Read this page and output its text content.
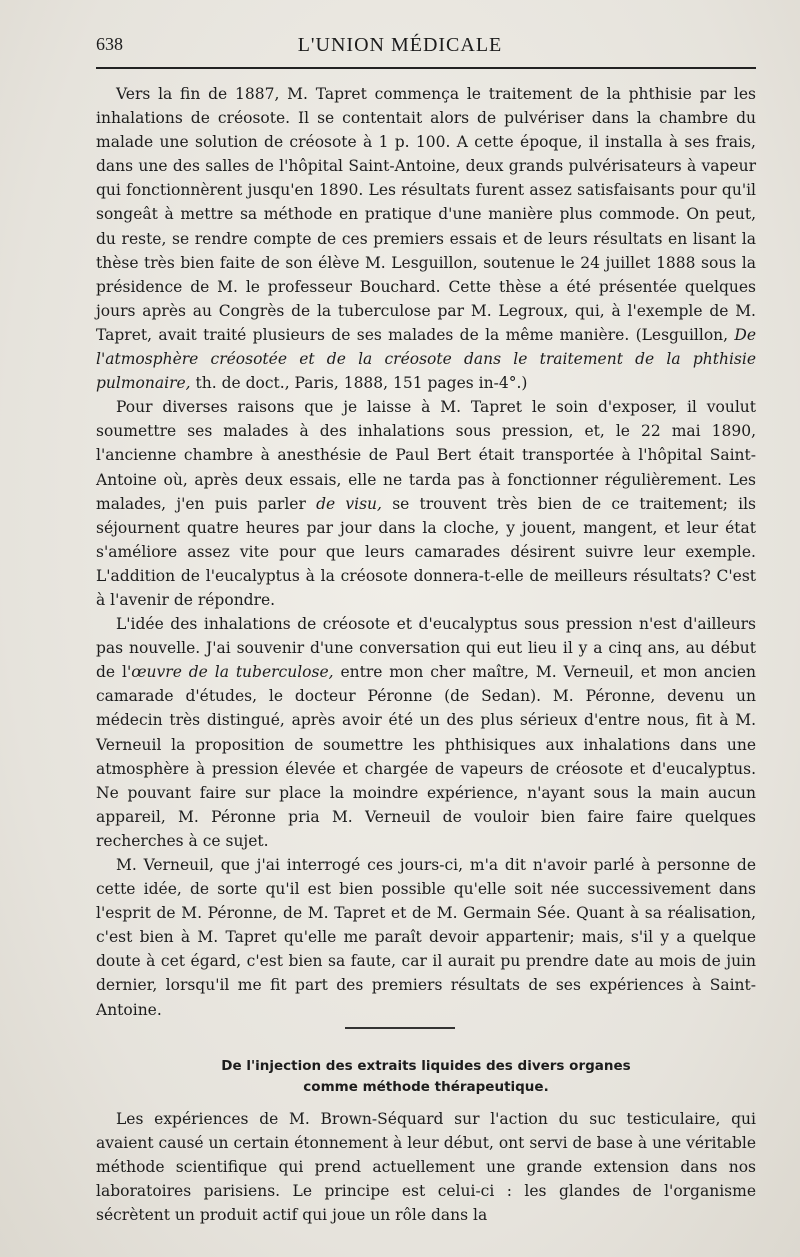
638	L'UNION MÉDICALE

Vers la fin de 1887, M. Tapret commença le traitement de la phthisie par les inhalations de créosote. Il se contentait alors de pulvériser dans la chambre du malade une solution de créosote à 1 p. 100. A cette époque, il installa à ses frais, dans une des salles de l'hôpital Saint-Antoine, deux grands pulvérisateurs à vapeur qui fonctionnèrent jusqu'en 1890. Les résultats furent assez satisfaisants pour qu'il songeât à mettre sa méthode en pratique d'une manière plus commode. On peut, du reste, se rendre compte de ces premiers essais et de leurs résultats en lisant la thèse très bien faite de son élève M. Lesguillon, soutenue le 24 juillet 1888 sous la présidence de M. le professeur Bouchard. Cette thèse a été présentée quelques jours après au Congrès de la tuberculose par M. Legroux, qui, à l'exemple de M. Tapret, avait traité plusieurs de ses malades de la même manière. (Lesguillon, De l'atmosphère créosotée et de la créosote dans le traitement de la phthisie pulmonaire, th. de doct., Paris, 1888, 151 pages in-4°.)

Pour diverses raisons que je laisse à M. Tapret le soin d'exposer, il voulut soumettre ses malades à des inhalations sous pression, et, le 22 mai 1890, l'ancienne chambre à anesthésie de Paul Bert était transportée à l'hôpital Saint-Antoine où, après deux essais, elle ne tarda pas à fonctionner régulièrement. Les malades, j'en puis parler de visu, se trouvent très bien de ce traitement; ils séjournent quatre heures par jour dans la cloche, y jouent, mangent, et leur état s'améliore assez vite pour que leurs camarades désirent suivre leur exemple. L'addition de l'eucalyptus à la créosote donnera-t-elle de meilleurs résultats? C'est à l'avenir de répondre.

L'idée des inhalations de créosote et d'eucalyptus sous pression n'est d'ailleurs pas nouvelle. J'ai souvenir d'une conversation qui eut lieu il y a cinq ans, au début de l'œuvre de la tuberculose, entre mon cher maître, M. Verneuil, et mon ancien camarade d'études, le docteur Péronne (de Sedan). M. Péronne, devenu un médecin très distingué, après avoir été un des plus sérieux d'entre nous, fit à M. Verneuil la proposition de soumettre les phthisiques aux inhalations dans une atmosphère à pression élevée et chargée de vapeurs de créosote et d'eucalyptus. Ne pouvant faire sur place la moindre expérience, n'ayant sous la main aucun appareil, M. Péronne pria M. Verneuil de vouloir bien faire faire quelques recherches à ce sujet.

M. Verneuil, que j'ai interrogé ces jours-ci, m'a dit n'avoir parlé à personne de cette idée, de sorte qu'il est bien possible qu'elle soit née successivement dans l'esprit de M. Péronne, de M. Tapret et de M. Germain Sée. Quant à sa réalisation, c'est bien à M. Tapret qu'elle me paraît devoir appartenir; mais, s'il y a quelque doute à cet égard, c'est bien sa faute, car il aurait pu prendre date au mois de juin dernier, lorsqu'il me fit part des premiers résultats de ses expériences à Saint-Antoine.

De l'injection des extraits liquides des divers organes
comme méthode thérapeutique.

Les expériences de M. Brown-Séquard sur l'action du suc testiculaire, qui avaient causé un certain étonnement à leur début, ont servi de base à une véritable méthode scientifique qui prend actuellement une grande extension dans nos laboratoires parisiens. Le principe est celui-ci : les glandes de l'organisme sécrètent un produit actif qui joue un rôle dans la
